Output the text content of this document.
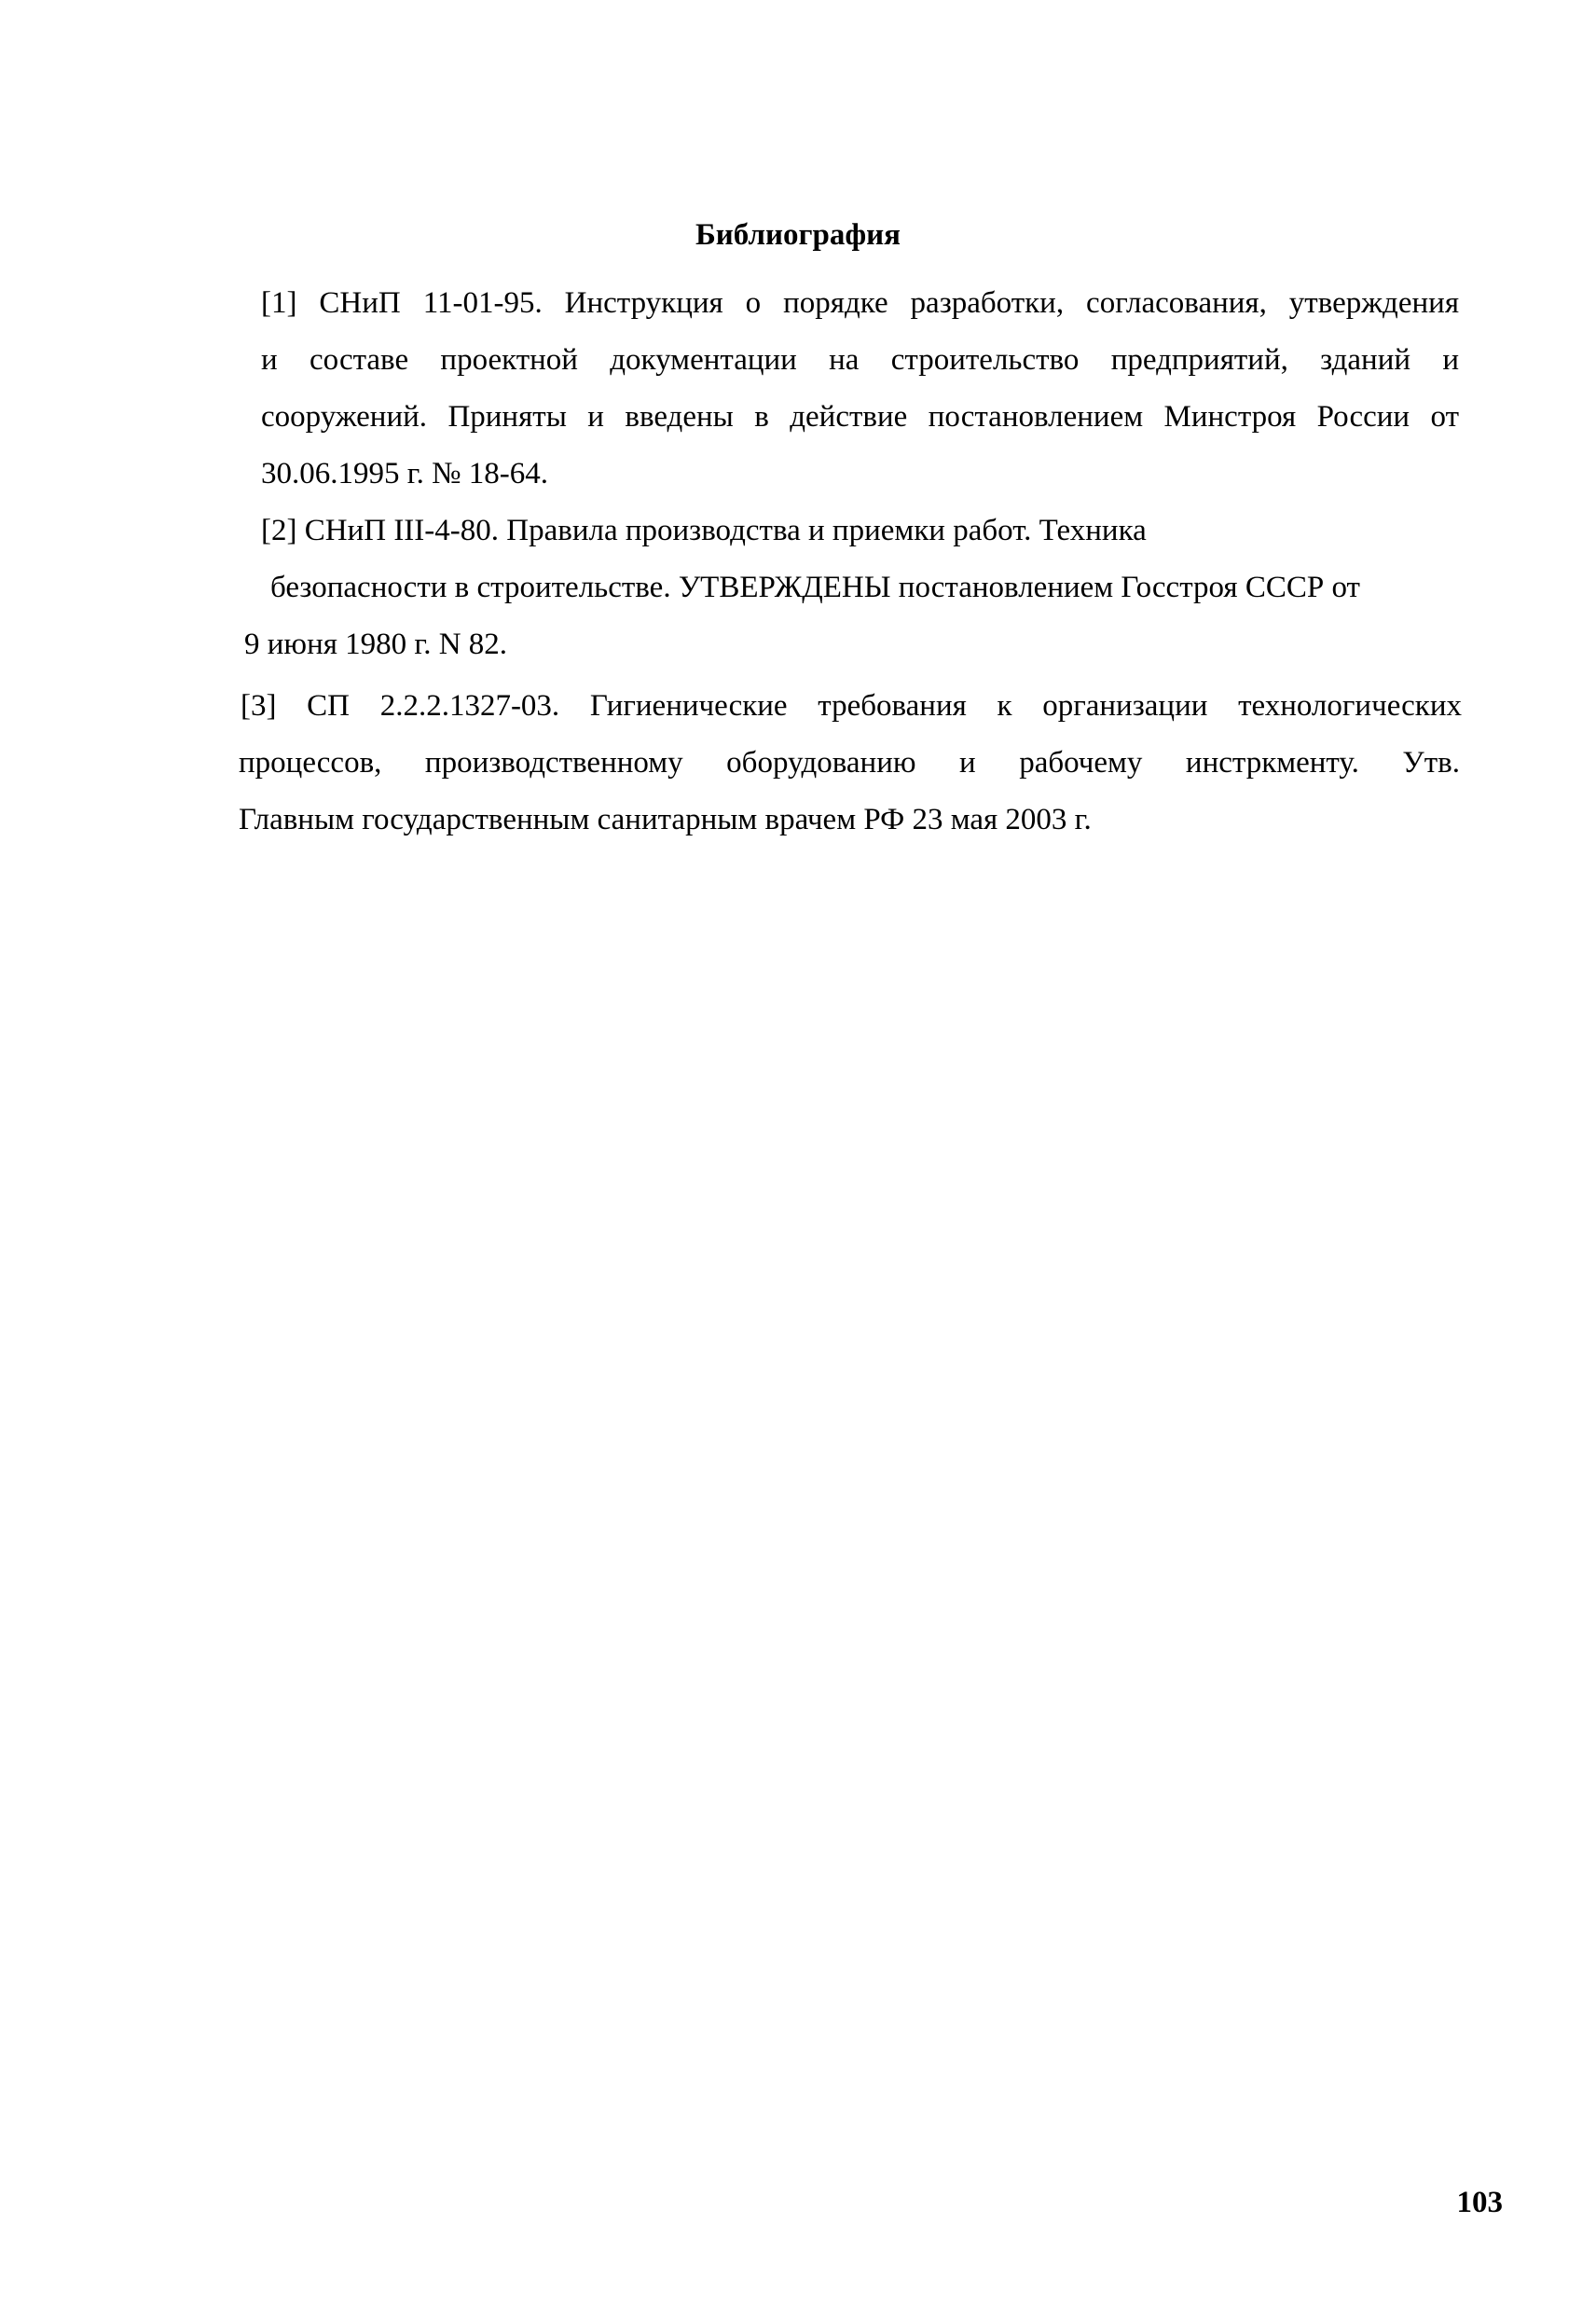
Библиография
[1] СНиП 11-01-95. Инструкция о порядке разработки, согласования, утверждения
и составе проектной документации на строительство предприятий, зданий и
сооружений. Приняты и введены в действие постановлением Минстроя России от
30.06.1995 г. № 18-64.
[2] СНиП III-4-80. Правила производства и приемки работ. Техника
безопасности в строительстве. УТВЕРЖДЕНЫ постановлением Госстроя СССР от
9 июня 1980 г. N 82.
[3] СП 2.2.2.1327-03. Гигиенические требования к организации технологических
процессов, производственному оборудованию и рабочему инстркменту. Утв.
Главным государственным санитарным врачем РФ 23 мая 2003 г.
103
